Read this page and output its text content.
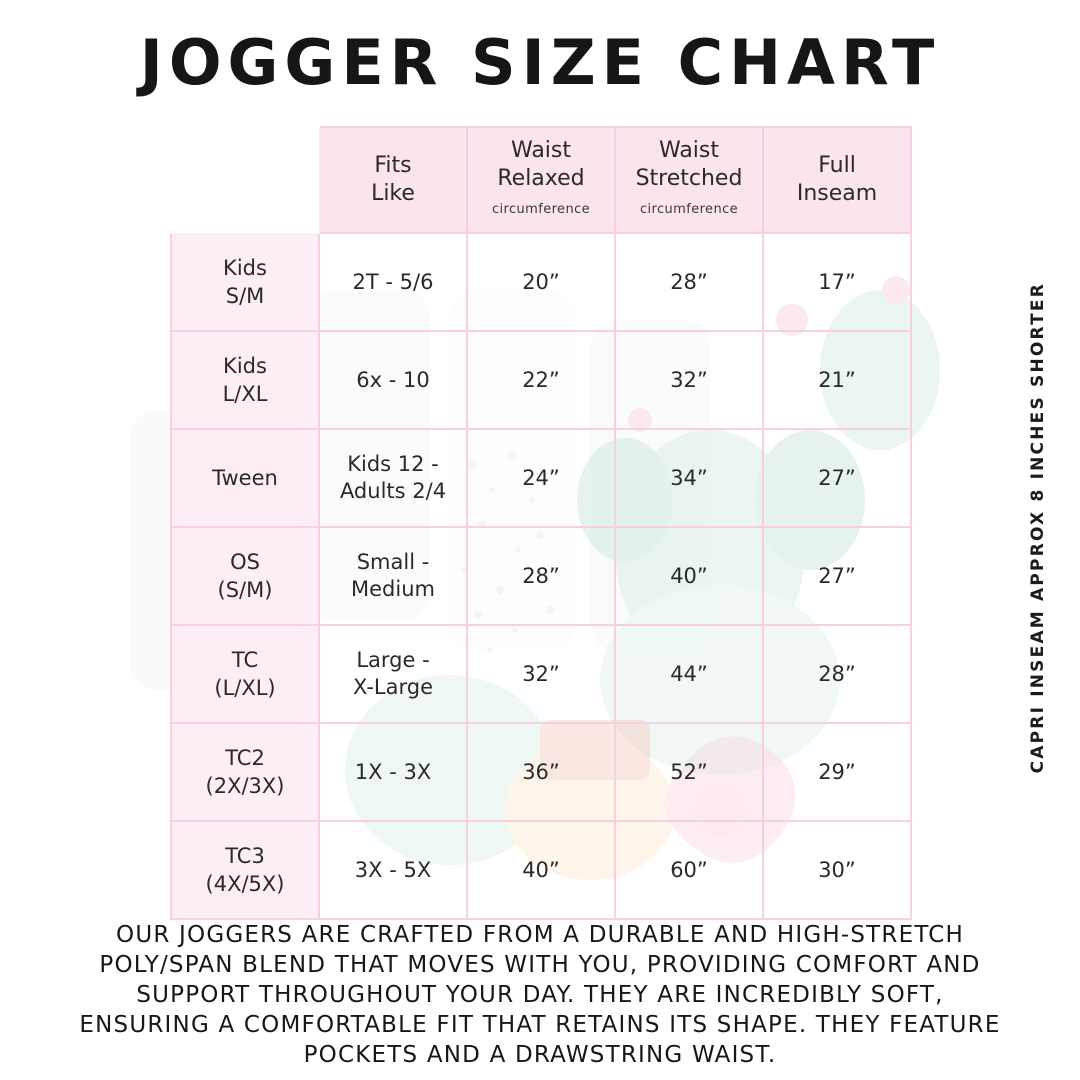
JOGGER SIZE CHART

	Fits
Like	Waist
Relaxed
circumference	Waist
Stretched
circumference	Full
Inseam

Kids
S/M	2T - 5/6	20”	28”	17”

Kids
L/XL	6x - 10	22”	32”	21”

Tween	Kids 12 -
Adults 2/4	24”	34”	27”

OS
(S/M)	Small -
Medium	28”	40”	27”

TC
(L/XL)	Large -
X-Large	32”	44”	28”

TC2
(2X/3X)	1X - 3X	36”	52”	29”

TC3
(4X/5X)	3X - 5X	40”	60”	30”
CAPRI INSEAM APPROX 8 INCHES SHORTER
OUR JOGGERS ARE CRAFTED FROM A DURABLE AND HIGH-STRETCH
POLY/SPAN BLEND THAT MOVES WITH YOU, PROVIDING COMFORT AND
SUPPORT THROUGHOUT YOUR DAY. THEY ARE INCREDIBLY SOFT,
ENSURING A COMFORTABLE FIT THAT RETAINS ITS SHAPE. THEY FEATURE
POCKETS AND A DRAWSTRING WAIST.
